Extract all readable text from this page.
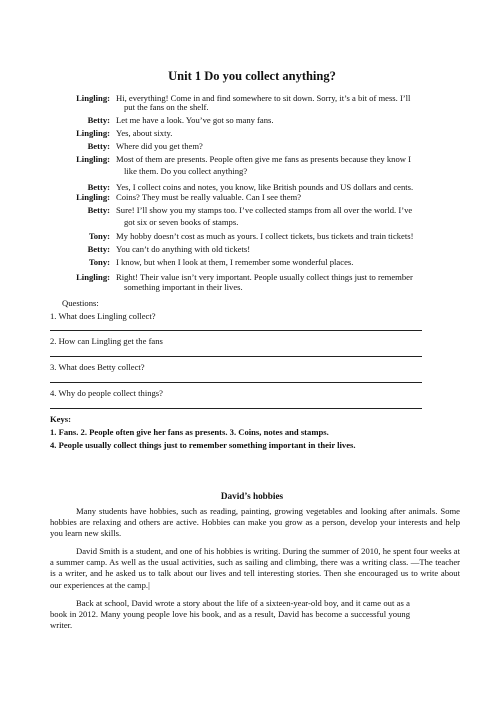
Unit 1 Do you collect anything?
Lingling: Hi, everything! Come in and find somewhere to sit down. Sorry, it’s a bit of mess. I’ll
put the fans on the shelf.
Betty: Let me have a look. You’ve got so many fans.
Lingling: Yes, about sixty.
Betty: Where did you get them?
Lingling: Most of them are presents. People often give me fans as presents because they know I
like them. Do you collect anything?
Betty: Yes, I collect coins and notes, you know, like British pounds and US dollars and cents.
Lingling: Coins? They must be really valuable. Can I see them?
Betty: Sure! I’ll show you my stamps too. I’ve collected stamps from all over the world. I’ve
got six or seven books of stamps.
Tony: My hobby doesn’t cost as much as yours. I collect tickets, bus tickets and train tickets!
Betty: You can’t do anything with old tickets!
Tony: I know, but when I look at them, I remember some wonderful places.
Lingling: Right! Their value isn’t very important. People usually collect things just to remember
something important in their lives.
Questions:
1. What does Lingling collect?
2. How can Lingling get the fans
3. What does Betty collect?
4. Why do people collect things?
Keys:
1. Fans. 2. People often give her fans as presents. 3. Coins, notes and stamps.
4. People usually collect things just to remember something important in their lives.
David’s hobbies
Many students have hobbies, such as reading, painting, growing vegetables and looking after animals. Some hobbies are relaxing and others are active. Hobbies can make you grow as a person, develop your interests and help you learn new skills.
David Smith is a student, and one of his hobbies is writing. During the summer of 2010, he spent four weeks at a summer camp. As well as the usual activities, such as sailing and climbing, there was a writing class. —The teacher is a writer, and he asked us to talk about our lives and tell interesting stories. Then she encouraged us to write about our experiences at the camp.|
Back at school, David wrote a story about the life of a sixteen-year-old boy, and it came out as a book in 2012. Many young people love his book, and as a result, David has become a successful young writer.
